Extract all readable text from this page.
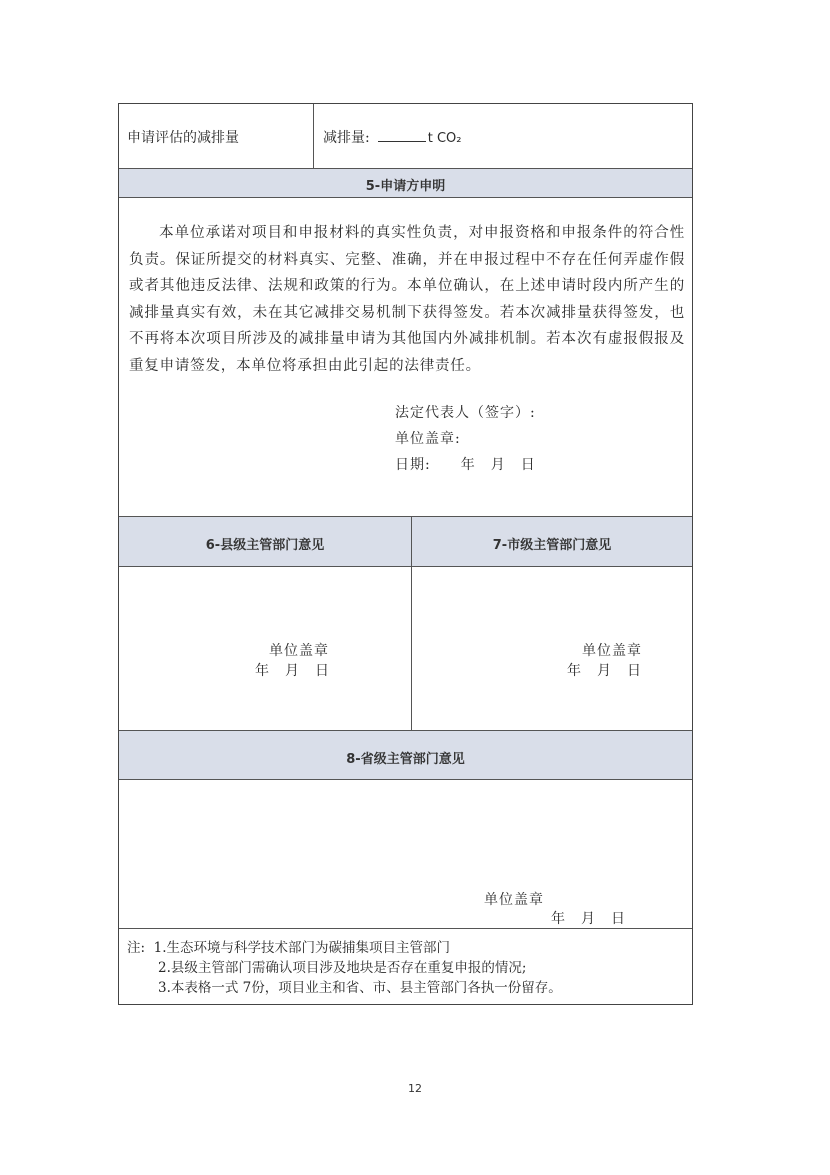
申请评估的减排量	减排量:	t CO₂
5-申请方申明
本单位承诺对项目和申报材料的真实性负责，对申报资格和申报条件的符合性负责。保证所提交的材料真实、完整、准确，并在申报过程中不存在任何弄虚作假或者其他违反法律、法规和政策的行为。本单位确认，在上述申请时段内所产生的减排量真实有效，未在其它减排交易机制下获得签发。若本次减排量获得签发，也不再将本次项目所涉及的减排量申请为其他国内外减排机制。若本次有虚报假报及重复申请签发，本单位将承担由此引起的法律责任。
法定代表人（签字）:
单位盖章:
日期:　　年　月　日
6-县级主管部门意见	7-市级主管部门意见
单位盖章
年　月　日
单位盖章
年　月　日
8-省级主管部门意见
单位盖章
年　月　日
注: 1.生态环境与科学技术部门为碳捕集项目主管部门
2.县级主管部门需确认项目涉及地块是否存在重复申报的情况;
3.本表格一式 7份，项目业主和省、市、县主管部门各执一份留存。
12
